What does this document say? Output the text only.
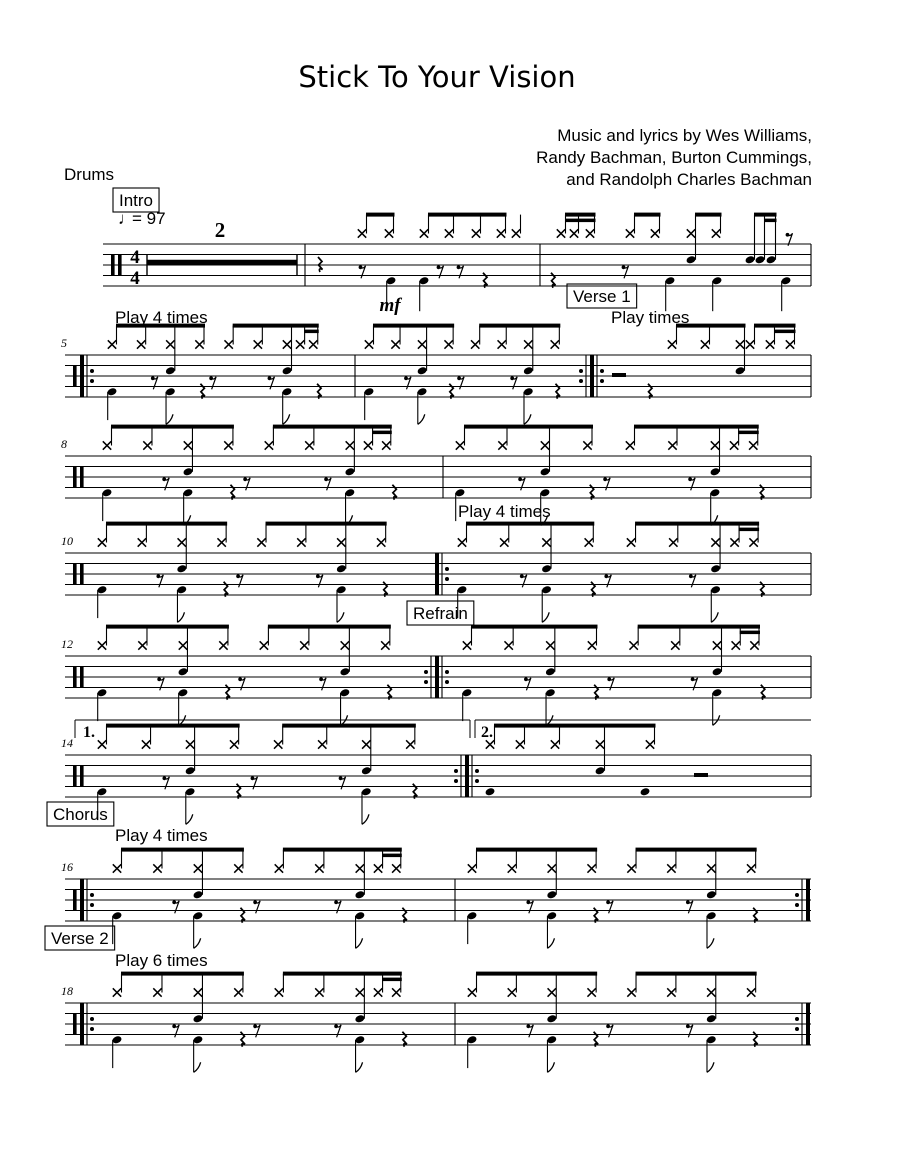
Stick To Your Vision
Music and lyrics by Wes Williams,
Randy Bachman, Burton Cummings,
and Randolph Charles Bachman
Drums
4
4
2
♩
= 97
mf
5
8
10
12
14
1.	2.
16
18
Intro
Verse 1
Refrain
Chorus
Verse 2
Play 4 times	Play times
Play 4 times
Play 4 times
Play 6 times
